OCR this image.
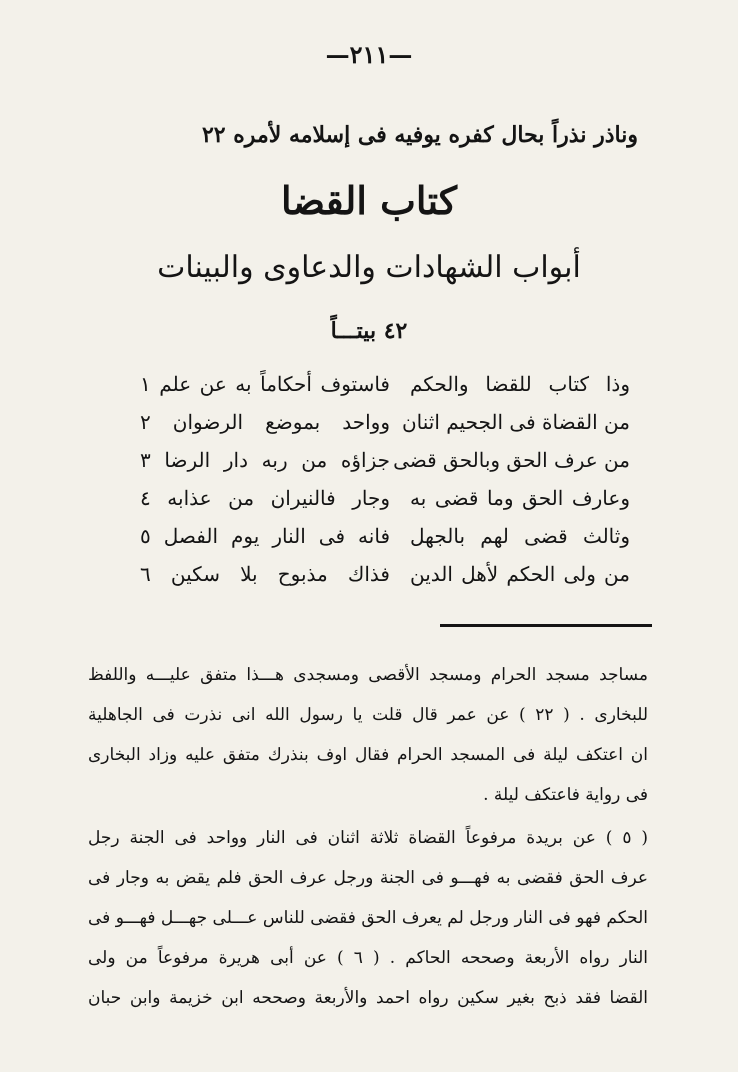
—٢١١—
وناذر نذراً بحال كفره يوفيه فى إسلامه لأمره ٢٢
كتاب القضا
أبواب الشهادات والدعاوى والبينات
٤٢ بيتـــاً
وذا كتاب للقضا والحكم
فاستوف أحكاماً به عن علم ١
من القضاة فى الجحيم اثنان
وواحد بموضع الرضوان ٢
من عرف الحق وبالحق قضى
جزاؤه من ربه دار الرضا ٣
وعارف الحق وما قضى به
وجار فالنيران من عذابه ٤
وثالث قضى لهم بالجهل
فانه فى النار يوم الفصل ٥
من ولى الحكم لأهل الدين
فذاك مذبوح بلا سكين ٦
مساجد مسجد الحرام ومسجد الأقصى ومسجدى هـــذا متفق عليـــه واللفظ
للبخارى . ( ٢٢ ) عن عمر قال قلت يا رسول الله انى نذرت فى الجاهلية
ان اعتكف ليلة فى المسجد الحرام فقال اوف بنذرك متفق عليه وزاد البخارى
فى رواية فاعتكف ليلة .
( ٥ ) عن بريدة مرفوعاً القضاة ثلاثة اثنان فى النار وواحد فى الجنة رجل
عرف الحق فقضى به فهـــو فى الجنة ورجل عرف الحق فلم يقض به وجار فى
الحكم فهو فى النار ورجل لم يعرف الحق فقضى للناس عـــلى جهـــل فهـــو فى
النار رواه الأربعة وصححه الحاكم . ( ٦ ) عن أبى هريرة مرفوعاً من ولى
القضا فقد ذبح بغير سكين رواه احمد والأربعة وصححه ابن خزيمة وابن حبان
